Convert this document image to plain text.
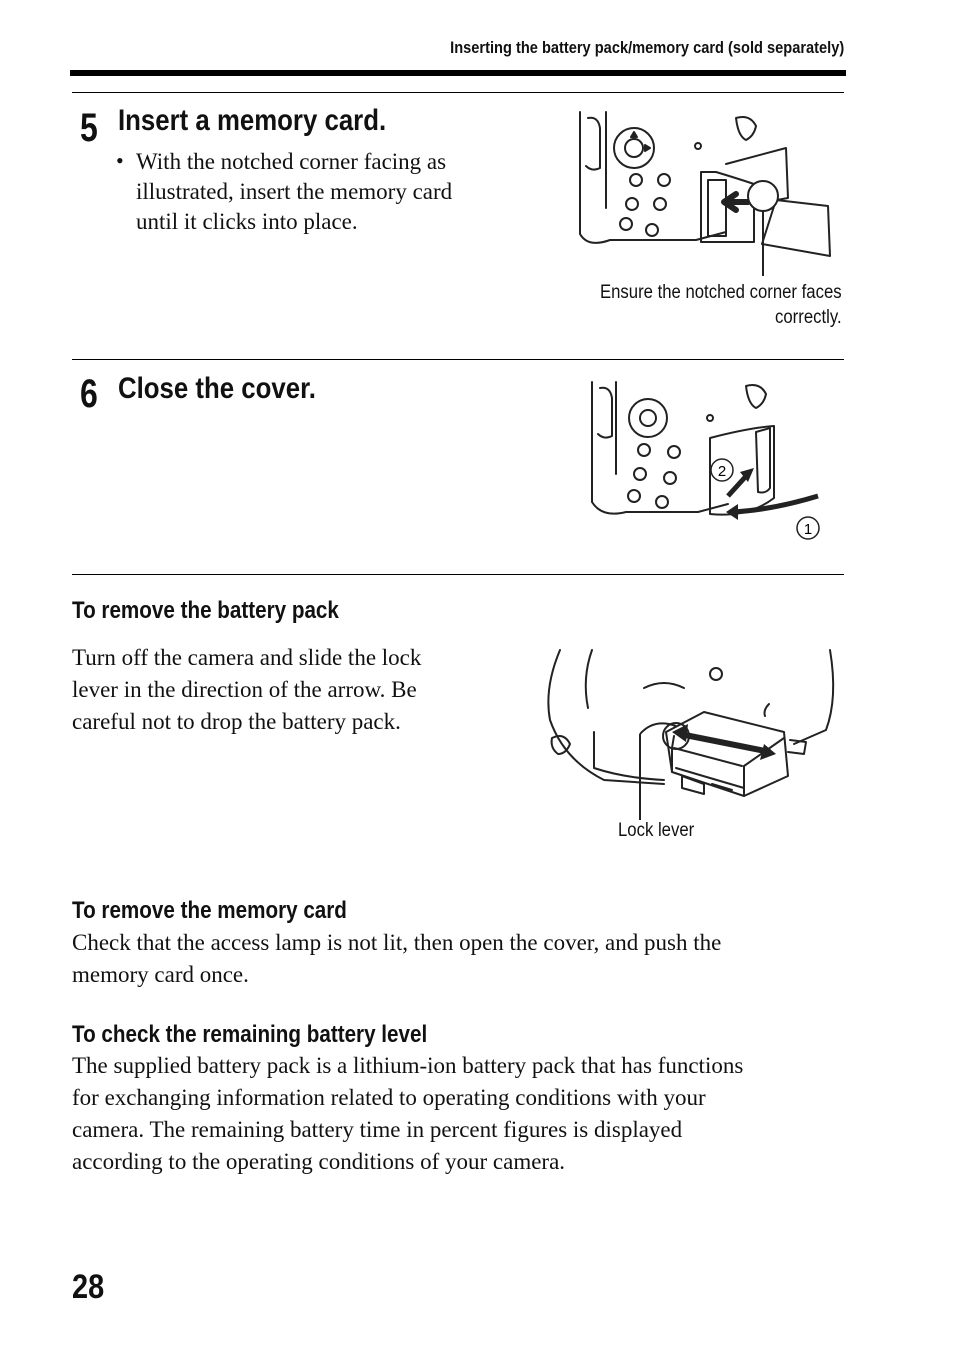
Inserting the battery pack/memory card (sold separately)
5 Insert a memory card.
• With the notched corner facing as
illustrated, insert the memory card
until it clicks into place.
Ensure the notched corner faces
correctly.
6 Close the cover.
2
1
To remove the battery pack
Turn off the camera and slide the lock
lever in the direction of the arrow. Be
careful not to drop the battery pack.
Lock lever
To remove the memory card
Check that the access lamp is not lit, then open the cover, and push the
memory card once.
To check the remaining battery level
The supplied battery pack is a lithium-ion battery pack that has functions
for exchanging information related to operating conditions with your
camera. The remaining battery time in percent figures is displayed
according to the operating conditions of your camera.
28
